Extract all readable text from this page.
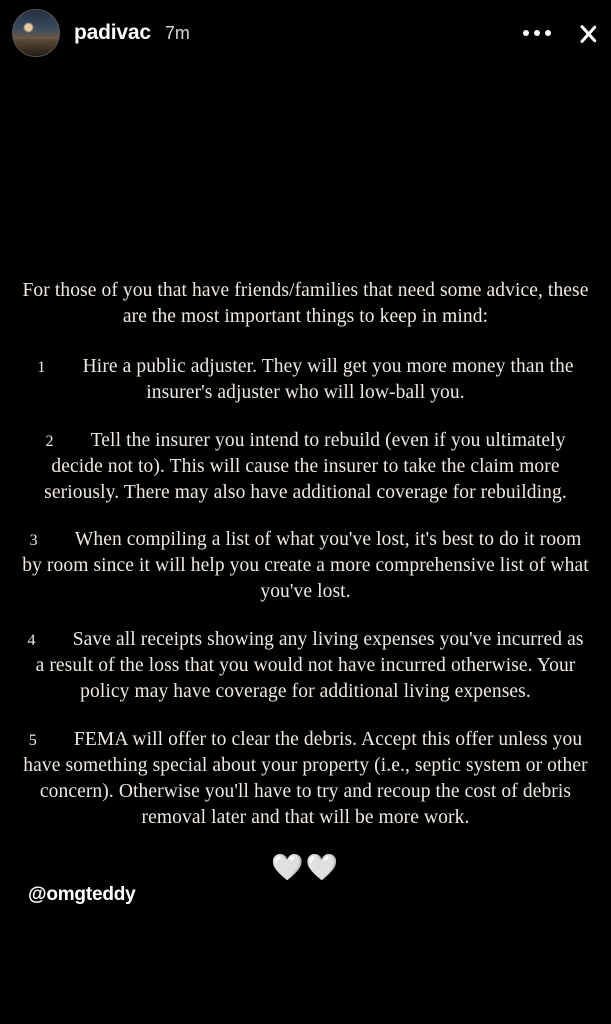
padivac 7m
For those of you that have friends/families that need some advice, these are the most important things to keep in mind:
1 Hire a public adjuster. They will get you more money than the insurer's adjuster who will low-ball you.
2 Tell the insurer you intend to rebuild (even if you ultimately decide not to). This will cause the insurer to take the claim more seriously. There may also have additional coverage for rebuilding.
3 When compiling a list of what you've lost, it's best to do it room by room since it will help you create a more comprehensive list of what you've lost.
4 Save all receipts showing any living expenses you've incurred as a result of the loss that you would not have incurred otherwise. Your policy may have coverage for additional living expenses.
5 FEMA will offer to clear the debris. Accept this offer unless you have something special about your property (i.e., septic system or other concern). Otherwise you'll have to try and recoup the cost of debris removal later and that will be more work.
🤍🤍
@omgteddy
